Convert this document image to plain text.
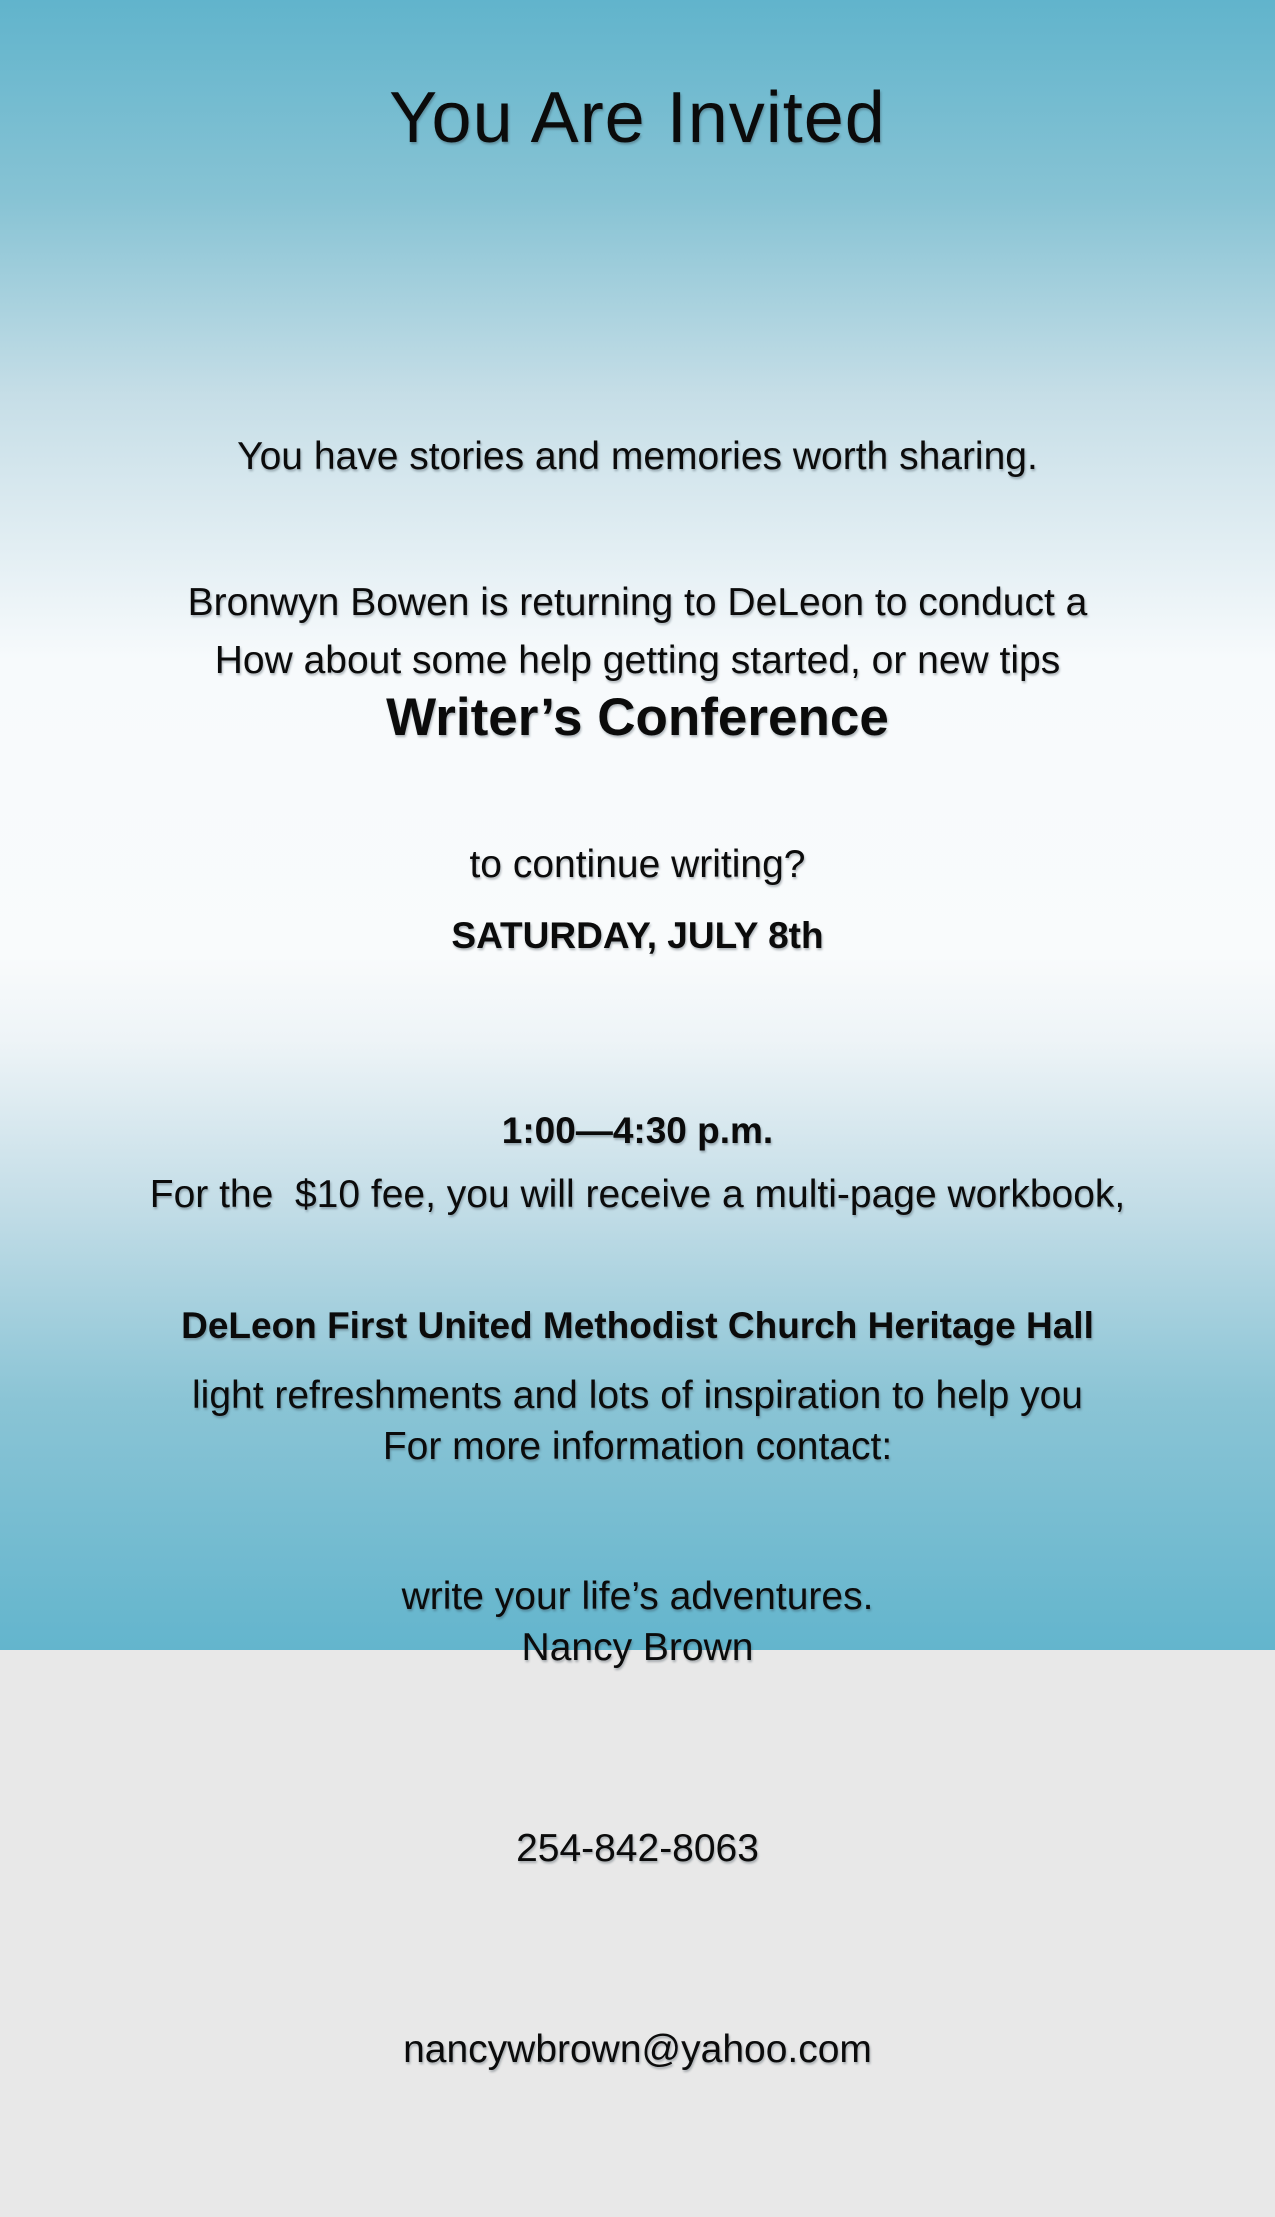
You Are Invited

You have stories and memories worth sharing.

How about some help getting started, or new tips

to continue writing?

Bronwyn Bowen is returning to DeLeon to conduct a
Writer’s Conference

SATURDAY, JULY 8th

1:00—4:30 p.m.

DeLeon First United Methodist Church Heritage Hall

For the  $10 fee, you will receive a multi-page workbook,

light refreshments and lots of inspiration to help you

write your life’s adventures.

For more information contact:

Nancy Brown

254-842-8063

nancywbrown@yahoo.com
